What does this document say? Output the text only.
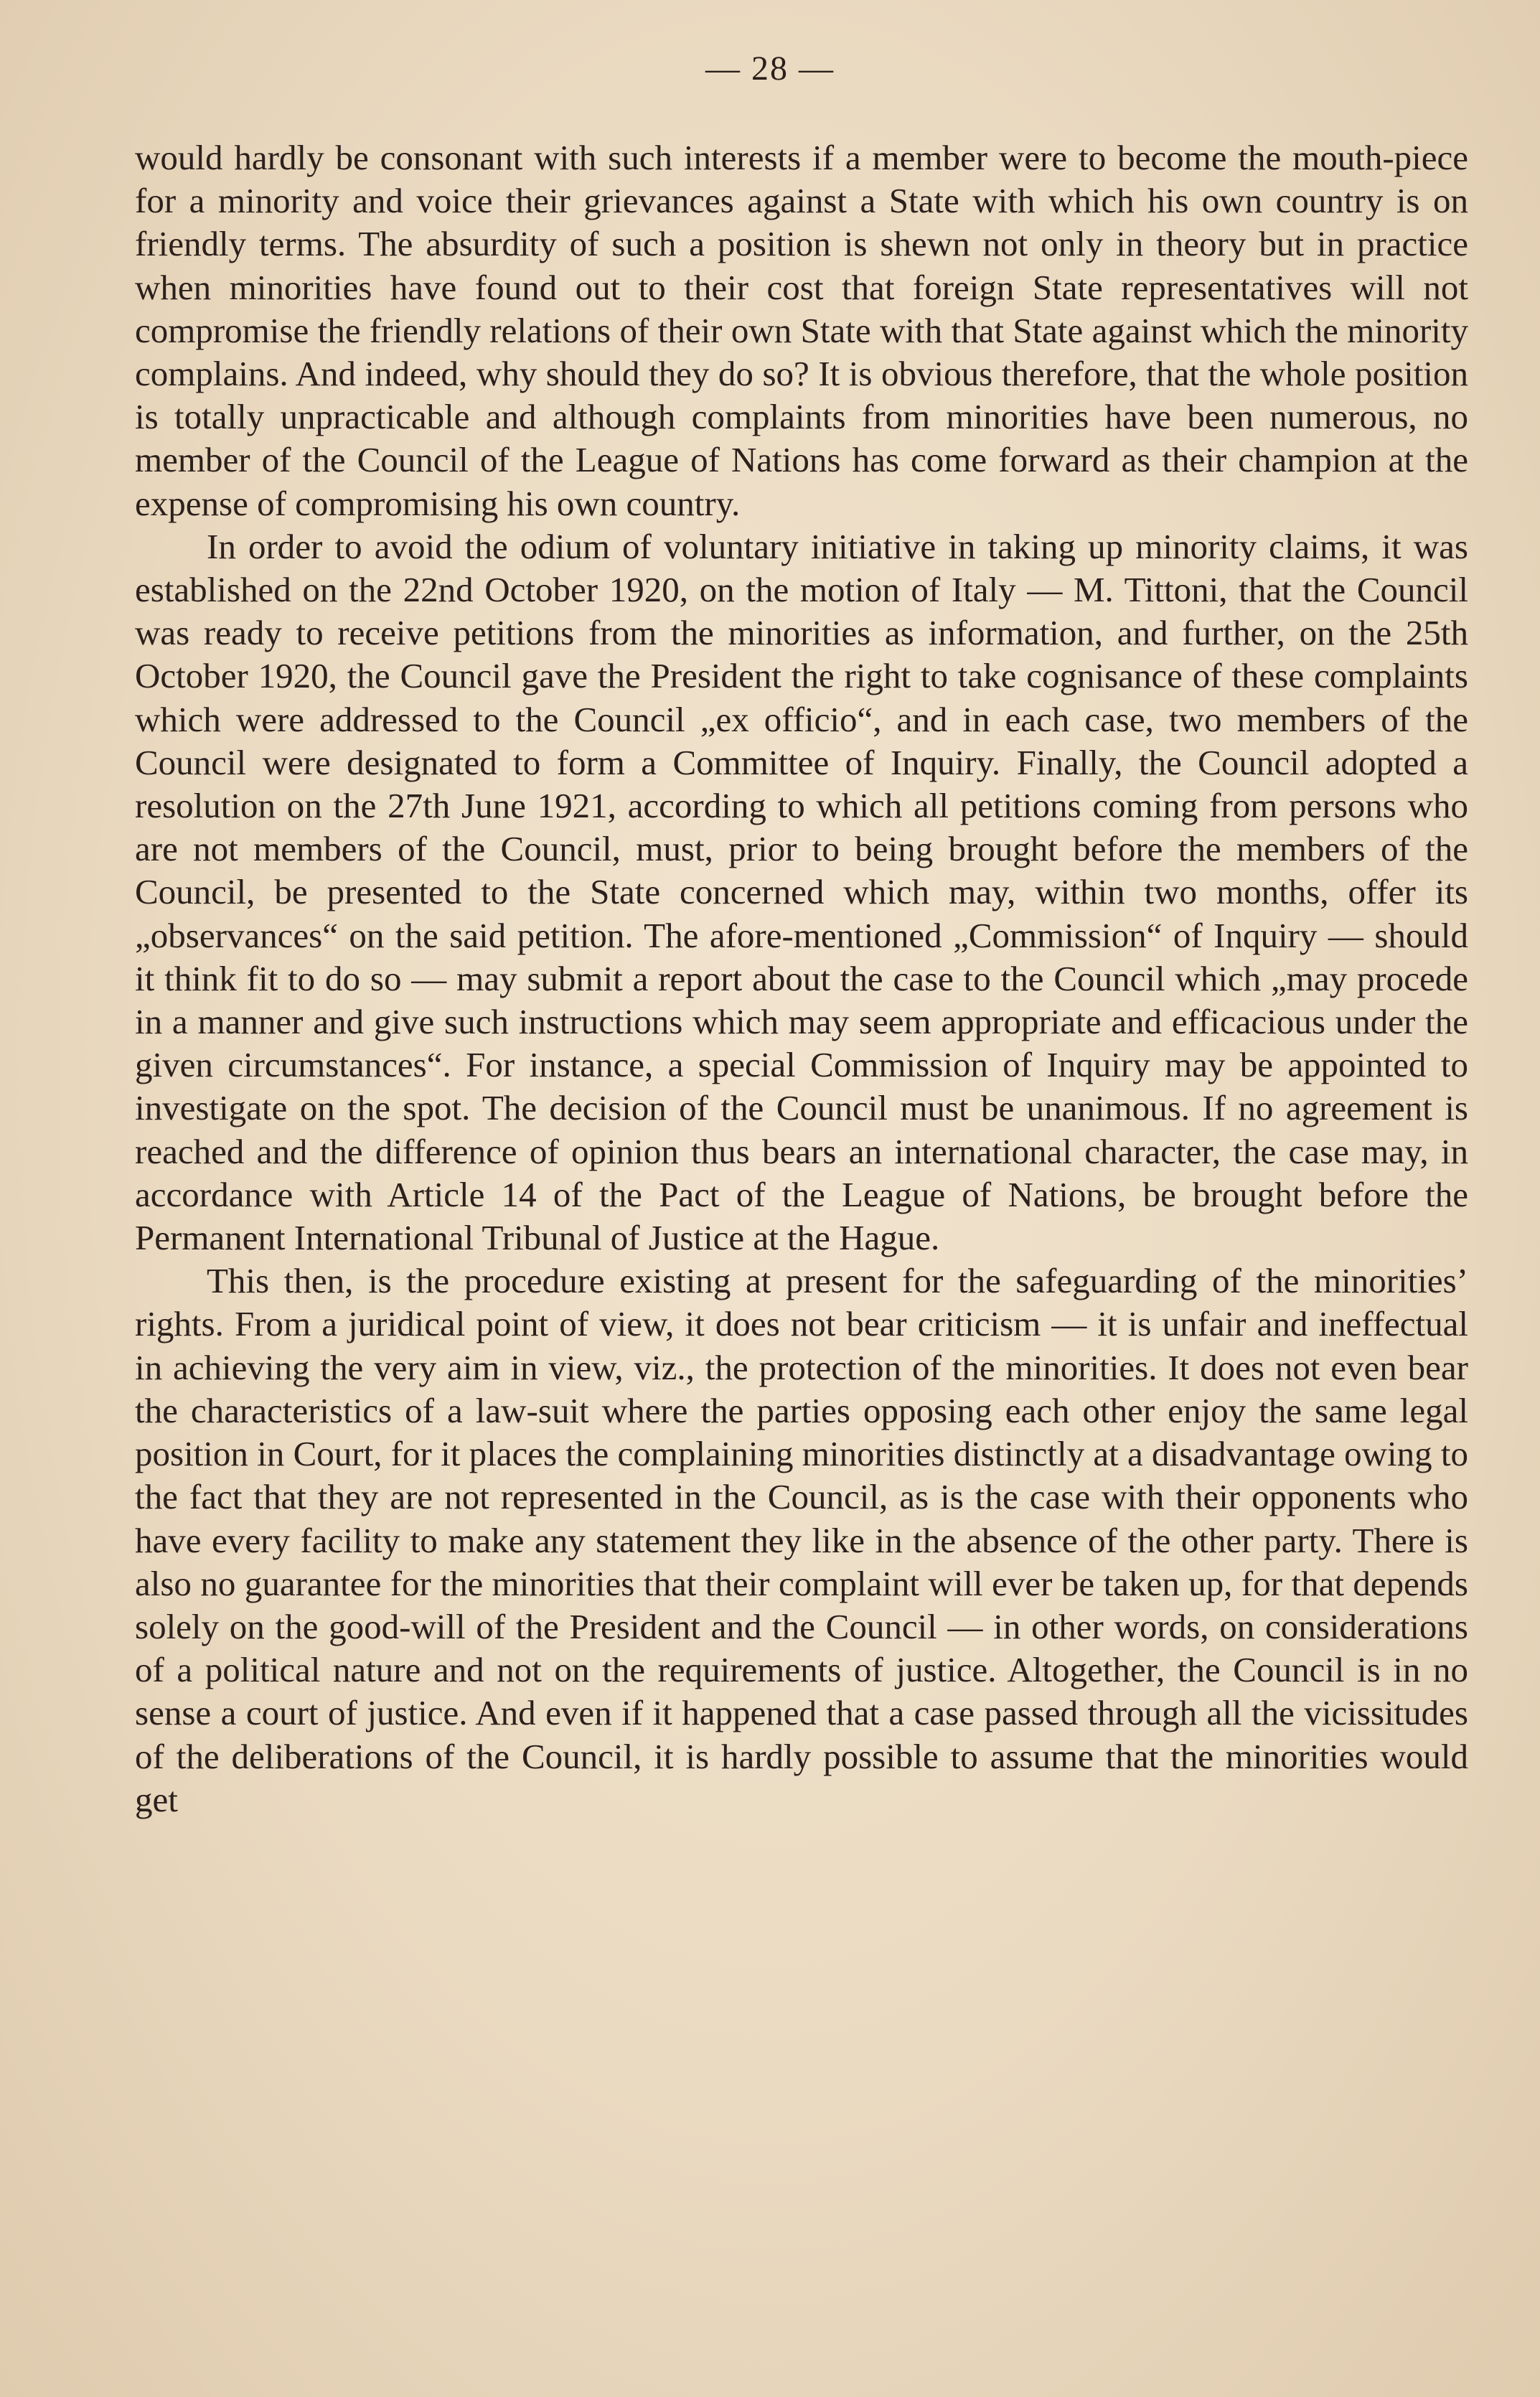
— 28 —

would hardly be consonant with such interests if a member were to become the mouth-piece for a minority and voice their grievances against a State with which his own country is on friendly terms. The absurdity of such a position is shewn not only in theory but in practice when minorities have found out to their cost that foreign State representatives will not compromise the friendly relations of their own State with that State against which the minority complains. And indeed, why should they do so? It is obvious therefore, that the whole position is totally unpracticable and although complaints from minorities have been numerous, no member of the Council of the League of Nations has come forward as their champion at the expense of compromising his own country.

In order to avoid the odium of voluntary initiative in taking up minority claims, it was established on the 22nd October 1920, on the motion of Italy — M. Tittoni, that the Council was ready to receive petitions from the minorities as information, and further, on the 25th October 1920, the Council gave the President the right to take cognisance of these complaints which were addressed to the Council „ex officio“, and in each case, two members of the Council were designated to form a Committee of Inquiry. Finally, the Council adopted a resolution on the 27th June 1921, according to which all petitions coming from persons who are not members of the Council, must, prior to being brought before the members of the Council, be presented to the State concerned which may, within two months, offer its „observances“ on the said petition. The afore-mentioned „Commission“ of Inquiry — should it think fit to do so — may submit a report about the case to the Council which „may procede in a manner and give such instructions which may seem appropriate and efficacious under the given circumstances“. For instance, a special Commission of Inquiry may be appointed to investigate on the spot. The decision of the Council must be unanimous. If no agreement is reached and the difference of opinion thus bears an international character, the case may, in accordance with Article 14 of the Pact of the League of Nations, be brought before the Permanent International Tribunal of Justice at the Hague.

This then, is the procedure existing at present for the safeguarding of the minorities’ rights. From a juridical point of view, it does not bear criticism — it is unfair and ineffectual in achieving the very aim in view, viz., the protection of the minorities. It does not even bear the characteristics of a law-suit where the parties opposing each other enjoy the same legal position in Court, for it places the complaining minorities distinctly at a disadvantage owing to the fact that they are not represented in the Council, as is the case with their opponents who have every facility to make any statement they like in the absence of the other party. There is also no guarantee for the minorities that their complaint will ever be taken up, for that depends solely on the good-will of the President and the Council — in other words, on considerations of a political nature and not on the requirements of justice. Altogether, the Council is in no sense a court of justice. And even if it happened that a case passed through all the vicissitudes of the deliberations of the Council, it is hardly possible to assume that the minorities would get
